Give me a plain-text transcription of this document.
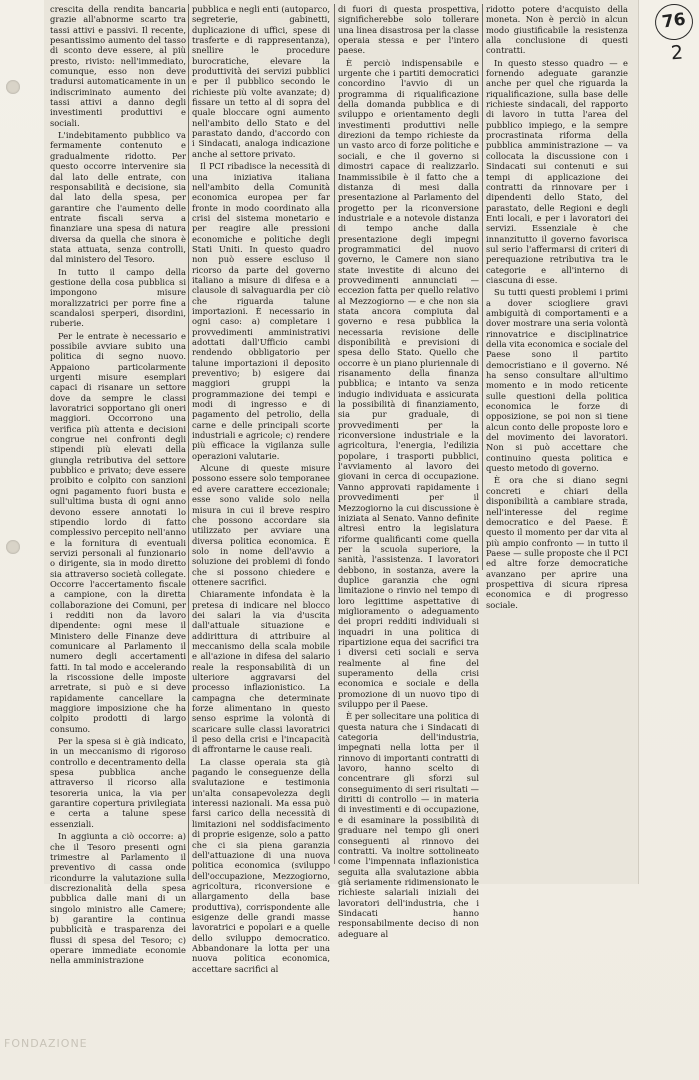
76
2

crescita della rendita bancaria grazie all'abnorme scarto tra tassi attivi e passivi. Il recente, pesantissimo aumento del tasso di sconto deve essere, al più presto, rivisto: nell'immediato, comunque, esso non deve tradursi automaticamente in un indiscriminato aumento dei tassi attivi a danno degli investimenti produttivi e sociali.

L'indebitamento pubblico va fermamente contenuto e gradualmente ridotto. Per questo occorre intervenire sia dal lato delle entrate, con responsabilità e decisione, sia dal lato della spesa, per garantire che l'aumento delle entrate fiscali serva a finanziare una spesa di natura diversa da quella che sinora è stata attuata, senza controlli, dal ministero del Tesoro.

In tutto il campo della gestione della cosa pubblica si impongono misure moralizzatrici per porre fine a scandalosi sperperi, disordini, ruberie.

Per le entrate è necessario e possibile avviare subito una politica di segno nuovo. Appaiono particolarmente urgenti misure esemplari capaci di risanare un settore dove da sempre le classi lavoratrici sopportano gli oneri maggiori. Occorrono una verifica più attenta e decisioni congrue nei confronti degli stipendi più elevati della giungla retributiva del settore pubblico e privato; deve essere proibito e colpito con sanzioni ogni pagamento fuori busta e sull'ultima busta di ogni anno devono essere annotati lo stipendio lordo di fatto complessivo percepito nell'anno e la fornitura di eventuali servizi personali al funzionario o dirigente, sia in modo diretto sia attraverso società collegate. Occorre l'accertamento fiscale a campione, con la diretta collaborazione dei Comuni, per i redditi non da lavoro dipendente: ogni mese il Ministero delle Finanze deve comunicare al Parlamento il numero degli accertamenti fatti. In tal modo e accelerando la riscossione delle imposte arretrate, si può e si deve rapidamente cancellare la maggiore imposizione che ha colpito prodotti di largo consumo.

Per la spesa si è già indicato, in un meccanismo di rigoroso controllo e decentramento della spesa pubblica anche attraverso il ricorso alla tesoreria unica, la via per garantire copertura privilegiata e certa a talune spese essenziali.

In aggiunta a ciò occorre: a) che il Tesoro presenti ogni trimestre al Parlamento il preventivo di cassa onde ricondurre la valutazione sulla discrezionalità della spesa pubblica dalle mani di un singolo ministro alle Camere; b) garantire la continua pubblicità e trasparenza dei flussi di spesa del Tesoro; c) operare immediate economie nella amministrazione

pubblica e negli enti (autoparco, segreterie, gabinetti, duplicazione di uffici, spese di trasferte e di rappresentanza), snellire le procedure burocratiche, elevare la produttività dei servizi pubblici e per il pubblico secondo le richieste più volte avanzate; d) fissare un tetto al di sopra del quale bloccare ogni aumento nell'ambito dello Stato e del parastato dando, d'accordo con i Sindacati, analoga indicazione anche al settore privato.

Il PCI ribadisce la necessità di una iniziativa italiana nell'ambito della Comunità economica europea per far fronte in modo coordinato alla crisi del sistema monetario e per reagire alle pressioni economiche e politiche degli Stati Uniti. In questo quadro non può essere escluso il ricorso da parte del governo italiano a misure di difesa e a clausole di salvaguardia per ciò che riguarda talune importazioni. È necessario in ogni caso: a) completare i provvedimenti amministrativi adottati dall'Ufficio cambi rendendo obbligatorio per talune importazioni il deposito preventivo; b) esigere dai maggiori gruppi la programmazione dei tempi e modi di ingresso e di pagamento del petrolio, della carne e delle principali scorte industriali e agricole; c) rendere più efficace la vigilanza sulle operazioni valutarie.

Alcune di queste misure possono essere solo temporanee ed avere carattere eccezionale; esse sono valide solo nella misura in cui il breve respiro che possono accordare sia utilizzato per avviare una diversa politica economica. È solo in nome dell'avvio a soluzione dei problemi di fondo che si possono chiedere e ottenere sacrifici.

Chiaramente infondata è la pretesa di indicare nel blocco dei salari la via d'uscita dall'attuale situazione e addirittura di attribuire al meccanismo della scala mobile e all'azione in difesa del salario reale la responsabilità di un ulteriore aggravarsi del processo inflazionistico. La campagna che determinate forze alimentano in questo senso esprime la volontà di scaricare sulle classi lavoratrici il peso della crisi e l'incapacità di affrontarne le cause reali.

La classe operaia sta già pagando le conseguenze della svalutazione e testimonia un'alta consapevolezza degli interessi nazionali. Ma essa può farsi carico della necessità di limitazioni nel soddisfacimento di proprie esigenze, solo a patto che ci sia piena garanzia dell'attuazione di una nuova politica economica (sviluppo dell'occupazione, Mezzogiorno, agricoltura, riconversione e allargamento della base produttiva), corrispondente alle esigenze delle grandi masse lavoratrici e popolari e a quelle dello sviluppo democratico. Abbandonare la lotta per una nuova politica economica, accettare sacrifici al

di fuori di questa prospettiva, significherebbe solo tollerare una linea disastrosa per la classe operaia stessa e per l'intero paese.

È perciò indispensabile e urgente che i partiti democratici concordino l'avvio di un programma di riqualificazione della domanda pubblica e di sviluppo e orientamento degli investimenti produttivi nelle direzioni da tempo richieste da un vasto arco di forze politiche e sociali, e che il governo si dimostri capace di realizzarlo. Inammissibile è il fatto che a distanza di mesi dalla presentazione al Parlamento del progetto per la riconversione industriale e a notevole distanza di tempo anche dalla presentazione degli impegni programmatici del nuovo governo, le Camere non siano state investite di alcuno dei provvedimenti annunciati — eccezion fatta per quello relativo al Mezzogiorno — e che non sia stata ancora compiuta dal governo e resa pubblica la necessaria revisione delle disponibilità e previsioni di spesa dello Stato. Quello che occorre è un piano pluriennale di risanamento della finanza pubblica; e intanto va senza indugio individuata e assicurata la possibilità di finanziamento, sia pur graduale, di provvedimenti per la riconversione industriale e la agricoltura, l'energia, l'edilizia popolare, i trasporti pubblici, l'avviamento al lavoro dei giovani in cerca di occupazione. Vanno approvati rapidamente i provvedimenti per il Mezzogiorno la cui discussione è iniziata al Senato. Vanno definite altresì entro la legislatura riforme qualificanti come quella per la scuola superiore, la sanità, l'assistenza. I lavoratori debbono, in sostanza, avere la duplice garanzia che ogni limitazione o rinvio nel tempo di loro legittime aspettative di miglioramento o adeguamento dei propri redditi individuali si inquadri in una politica di ripartizione equa dei sacrifici tra i diversi ceti sociali e serva realmente al fine del superamento della crisi economica e sociale e della promozione di un nuovo tipo di sviluppo per il Paese.

È per sollecitare una politica di questa natura che i Sindacati di categoria dell'industria, impegnati nella lotta per il rinnovo di importanti contratti di lavoro, hanno scelto di concentrare gli sforzi sul conseguimento di seri risultati — diritti di controllo — in materia di investimenti e di occupazione, e di esaminare la possibilità di graduare nel tempo gli oneri conseguenti al rinnovo dei contratti. Va inoltre sottolineato come l'impennata inflazionistica seguita alla svalutazione abbia già seriamente ridimensionato le richieste salariali iniziali dei lavoratori dell'industria, che i Sindacati hanno responsabilmente deciso di non adeguare al

ridotto potere d'acquisto della moneta. Non è perciò in alcun modo giustificabile la resistenza alla conclusione di questi contratti.

In questo stesso quadro — e fornendo adeguate garanzie anche per quel che riguarda la riqualificazione, sulla base delle richieste sindacali, del rapporto di lavoro in tutta l'area del pubblico impiego, e la sempre procrastinata riforma della pubblica amministrazione — va collocata la discussione con i Sindacati sui contenuti e sui tempi di applicazione dei contratti da rinnovare per i dipendenti dello Stato, del parastato, delle Regioni e degli Enti locali, e per i lavoratori dei servizi. Essenziale è che innanzitutto il governo favorisca sul serio l'affermarsi di criteri di perequazione retributiva tra le categorie e all'interno di ciascuna di esse.

Su tutti questi problemi i primi a dover sciogliere gravi ambiguità di comportamenti e a dover mostrare una seria volontà rinnovatrice e disciplinatrice della vita economica e sociale del Paese sono il partito democristiano e il governo. Né ha senso consultare all'ultimo momento e in modo reticente sulle questioni della politica economica le forze di opposizione, se poi non si tiene alcun conto delle proposte loro e del movimento dei lavoratori. Non si può accettare che continuino questa politica e questo metodo di governo.

È ora che si diano segni concreti e chiari della disponibilità a cambiare strada, nell'interesse del regime democratico e del Paese. È questo il momento per dar vita al più ampio confronto — in tutto il Paese — sulle proposte che il PCI ed altre forze democratiche avanzano per aprire una prospettiva di sicura ripresa economica e di progresso sociale.

FONDAZIONE
